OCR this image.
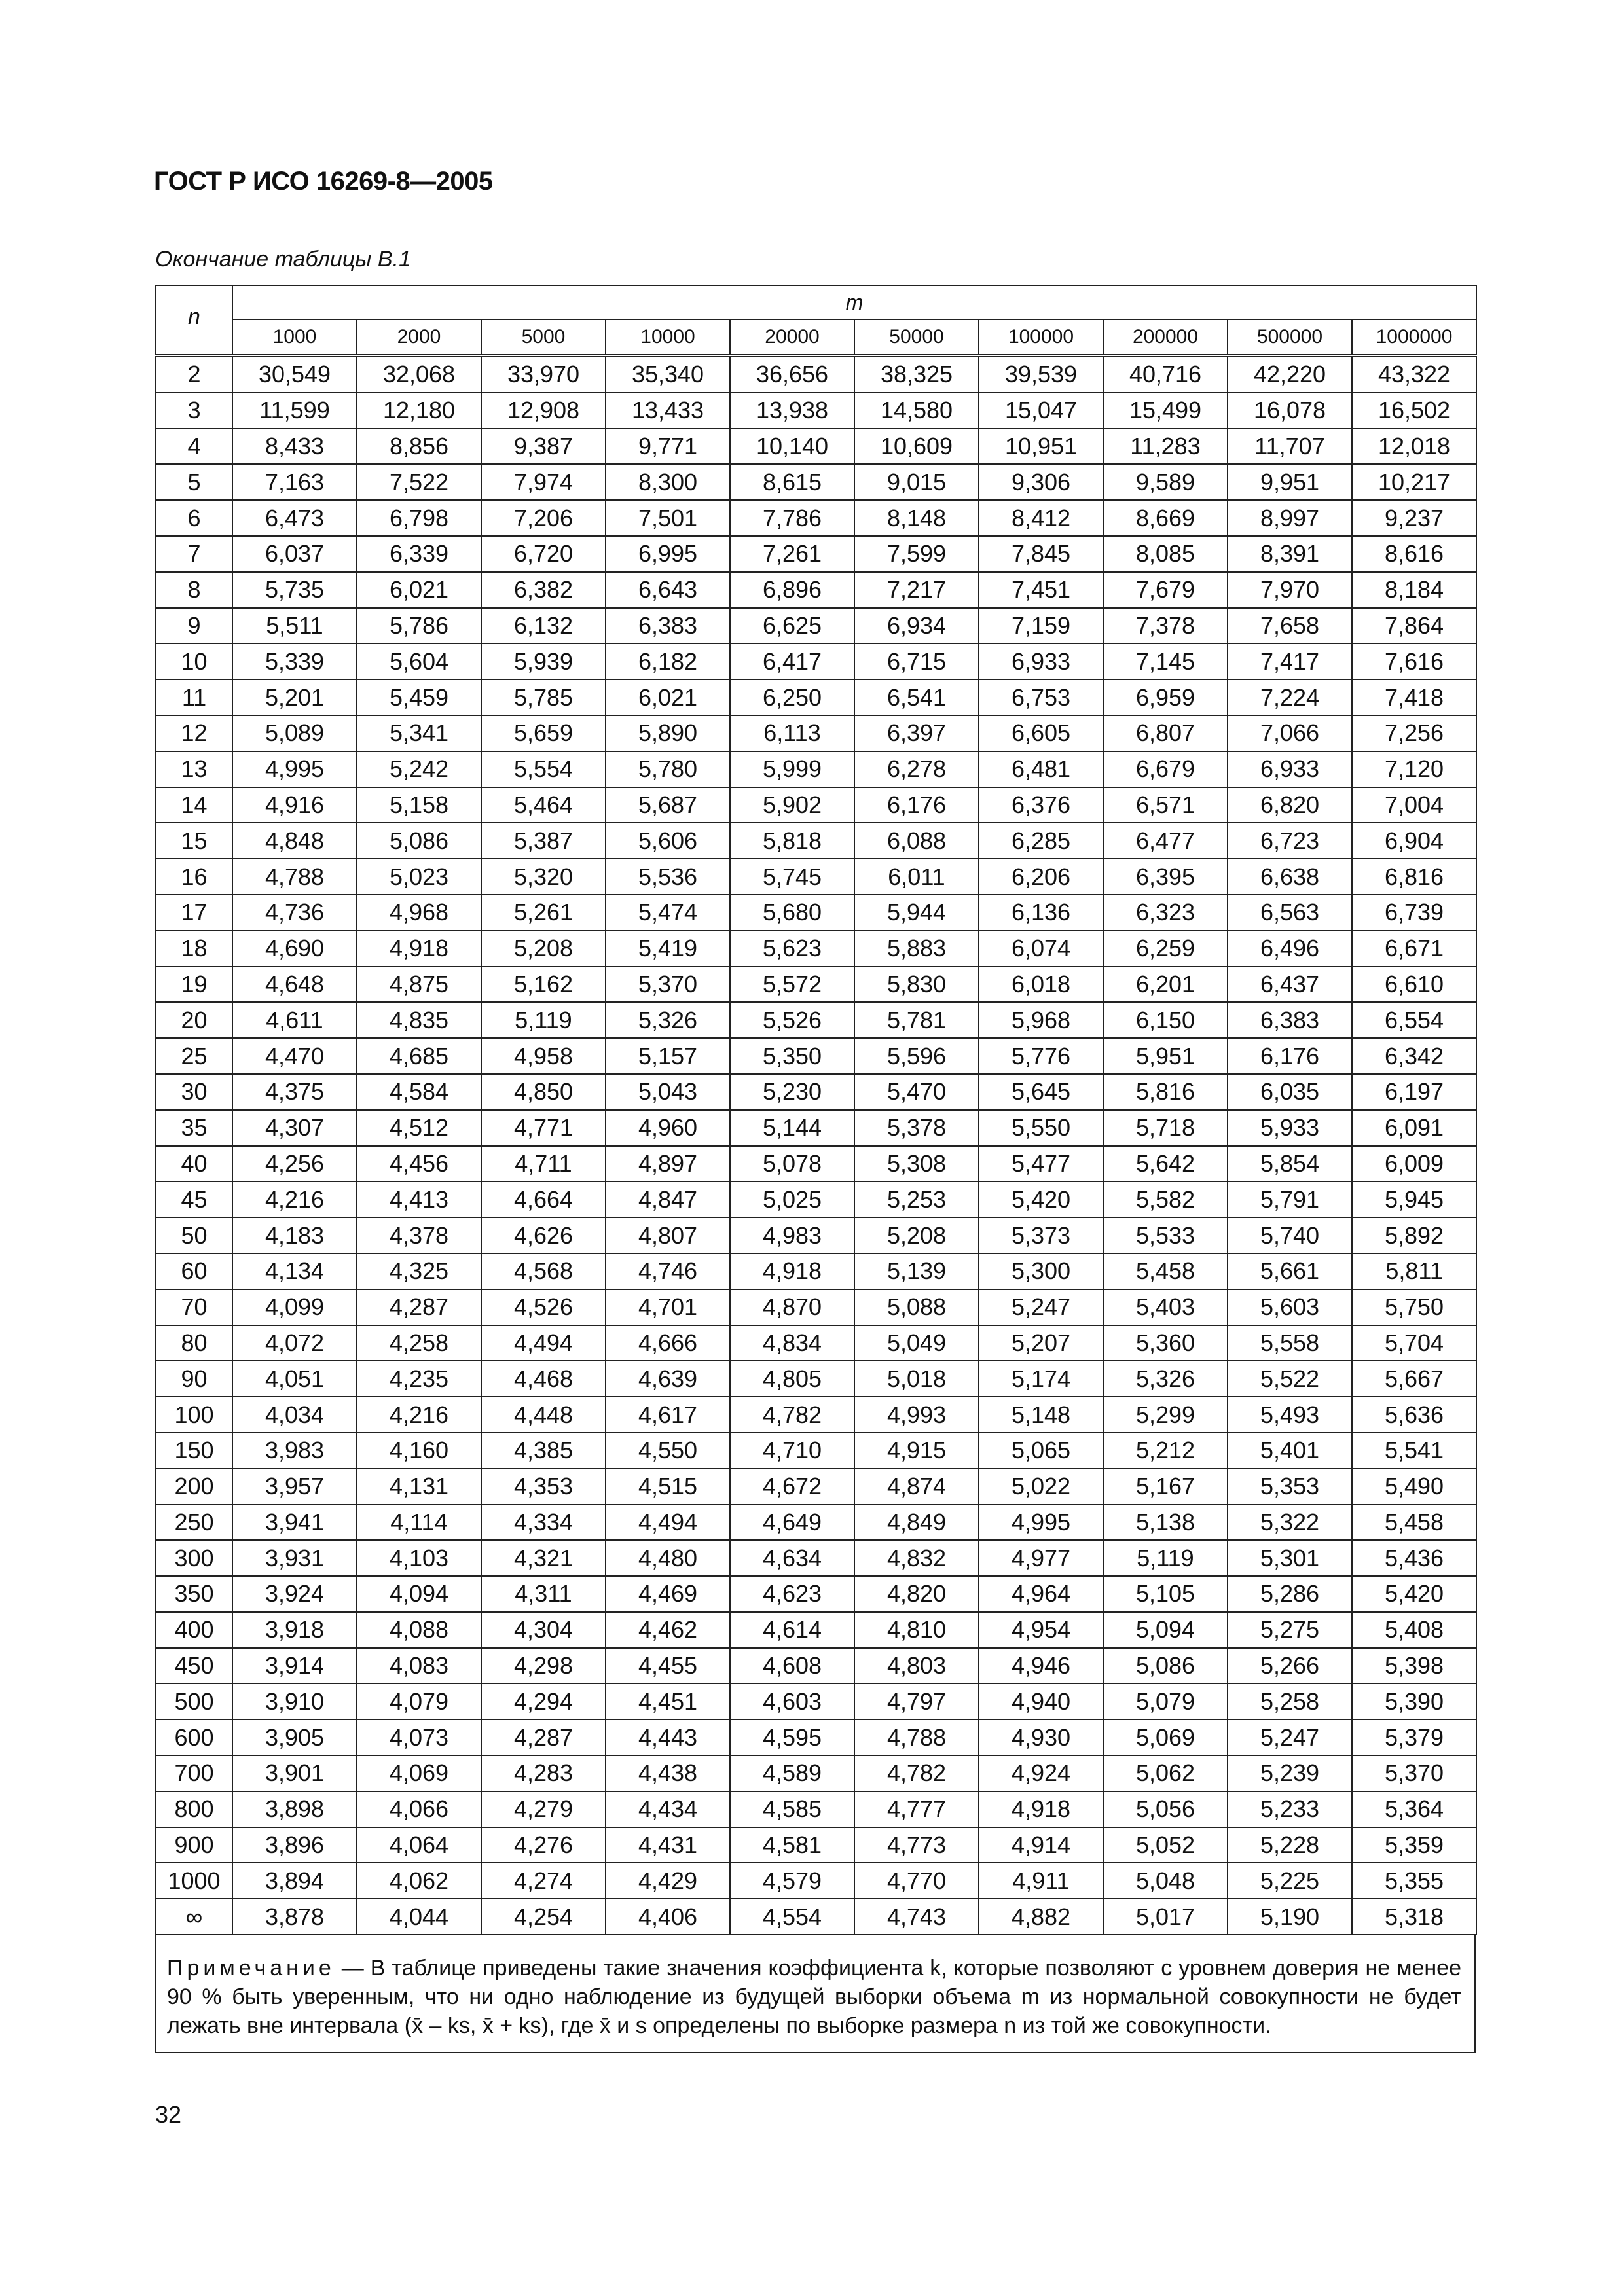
ГОСТ Р ИСО 16269-8—2005
Окончание таблицы B.1
n	m									
	1000	2000	5000	10000	20000	50000	100000	200000	500000	1000000
2	30,549	32,068	33,970	35,340	36,656	38,325	39,539	40,716	42,220	43,322
3	11,599	12,180	12,908	13,433	13,938	14,580	15,047	15,499	16,078	16,502
4	8,433	8,856	9,387	9,771	10,140	10,609	10,951	11,283	11,707	12,018
5	7,163	7,522	7,974	8,300	8,615	9,015	9,306	9,589	9,951	10,217
6	6,473	6,798	7,206	7,501	7,786	8,148	8,412	8,669	8,997	9,237
7	6,037	6,339	6,720	6,995	7,261	7,599	7,845	8,085	8,391	8,616
8	5,735	6,021	6,382	6,643	6,896	7,217	7,451	7,679	7,970	8,184
9	5,511	5,786	6,132	6,383	6,625	6,934	7,159	7,378	7,658	7,864
10	5,339	5,604	5,939	6,182	6,417	6,715	6,933	7,145	7,417	7,616
11	5,201	5,459	5,785	6,021	6,250	6,541	6,753	6,959	7,224	7,418
12	5,089	5,341	5,659	5,890	6,113	6,397	6,605	6,807	7,066	7,256
13	4,995	5,242	5,554	5,780	5,999	6,278	6,481	6,679	6,933	7,120
14	4,916	5,158	5,464	5,687	5,902	6,176	6,376	6,571	6,820	7,004
15	4,848	5,086	5,387	5,606	5,818	6,088	6,285	6,477	6,723	6,904
16	4,788	5,023	5,320	5,536	5,745	6,011	6,206	6,395	6,638	6,816
17	4,736	4,968	5,261	5,474	5,680	5,944	6,136	6,323	6,563	6,739
18	4,690	4,918	5,208	5,419	5,623	5,883	6,074	6,259	6,496	6,671
19	4,648	4,875	5,162	5,370	5,572	5,830	6,018	6,201	6,437	6,610
20	4,611	4,835	5,119	5,326	5,526	5,781	5,968	6,150	6,383	6,554
25	4,470	4,685	4,958	5,157	5,350	5,596	5,776	5,951	6,176	6,342
30	4,375	4,584	4,850	5,043	5,230	5,470	5,645	5,816	6,035	6,197
35	4,307	4,512	4,771	4,960	5,144	5,378	5,550	5,718	5,933	6,091
40	4,256	4,456	4,711	4,897	5,078	5,308	5,477	5,642	5,854	6,009
45	4,216	4,413	4,664	4,847	5,025	5,253	5,420	5,582	5,791	5,945
50	4,183	4,378	4,626	4,807	4,983	5,208	5,373	5,533	5,740	5,892
60	4,134	4,325	4,568	4,746	4,918	5,139	5,300	5,458	5,661	5,811
70	4,099	4,287	4,526	4,701	4,870	5,088	5,247	5,403	5,603	5,750
80	4,072	4,258	4,494	4,666	4,834	5,049	5,207	5,360	5,558	5,704
90	4,051	4,235	4,468	4,639	4,805	5,018	5,174	5,326	5,522	5,667
100	4,034	4,216	4,448	4,617	4,782	4,993	5,148	5,299	5,493	5,636
150	3,983	4,160	4,385	4,550	4,710	4,915	5,065	5,212	5,401	5,541
200	3,957	4,131	4,353	4,515	4,672	4,874	5,022	5,167	5,353	5,490
250	3,941	4,114	4,334	4,494	4,649	4,849	4,995	5,138	5,322	5,458
300	3,931	4,103	4,321	4,480	4,634	4,832	4,977	5,119	5,301	5,436
350	3,924	4,094	4,311	4,469	4,623	4,820	4,964	5,105	5,286	5,420
400	3,918	4,088	4,304	4,462	4,614	4,810	4,954	5,094	5,275	5,408
450	3,914	4,083	4,298	4,455	4,608	4,803	4,946	5,086	5,266	5,398
500	3,910	4,079	4,294	4,451	4,603	4,797	4,940	5,079	5,258	5,390
600	3,905	4,073	4,287	4,443	4,595	4,788	4,930	5,069	5,247	5,379
700	3,901	4,069	4,283	4,438	4,589	4,782	4,924	5,062	5,239	5,370
800	3,898	4,066	4,279	4,434	4,585	4,777	4,918	5,056	5,233	5,364
900	3,896	4,064	4,276	4,431	4,581	4,773	4,914	5,052	5,228	5,359
1000	3,894	4,062	4,274	4,429	4,579	4,770	4,911	5,048	5,225	5,355
∞	3,878	4,044	4,254	4,406	4,554	4,743	4,882	5,017	5,190	5,318
Примечание — В таблице приведены такие значения коэффициента k, которые позволяют с уровнем доверия не менее 90 % быть уверенным, что ни одно наблюдение из будущей выборки объема m из нормальной совокупности не будет лежать вне интервала (x̄ – ks, x̄ + ks), где x̄ и s определены по выборке размера n из той же совокупности.
32
